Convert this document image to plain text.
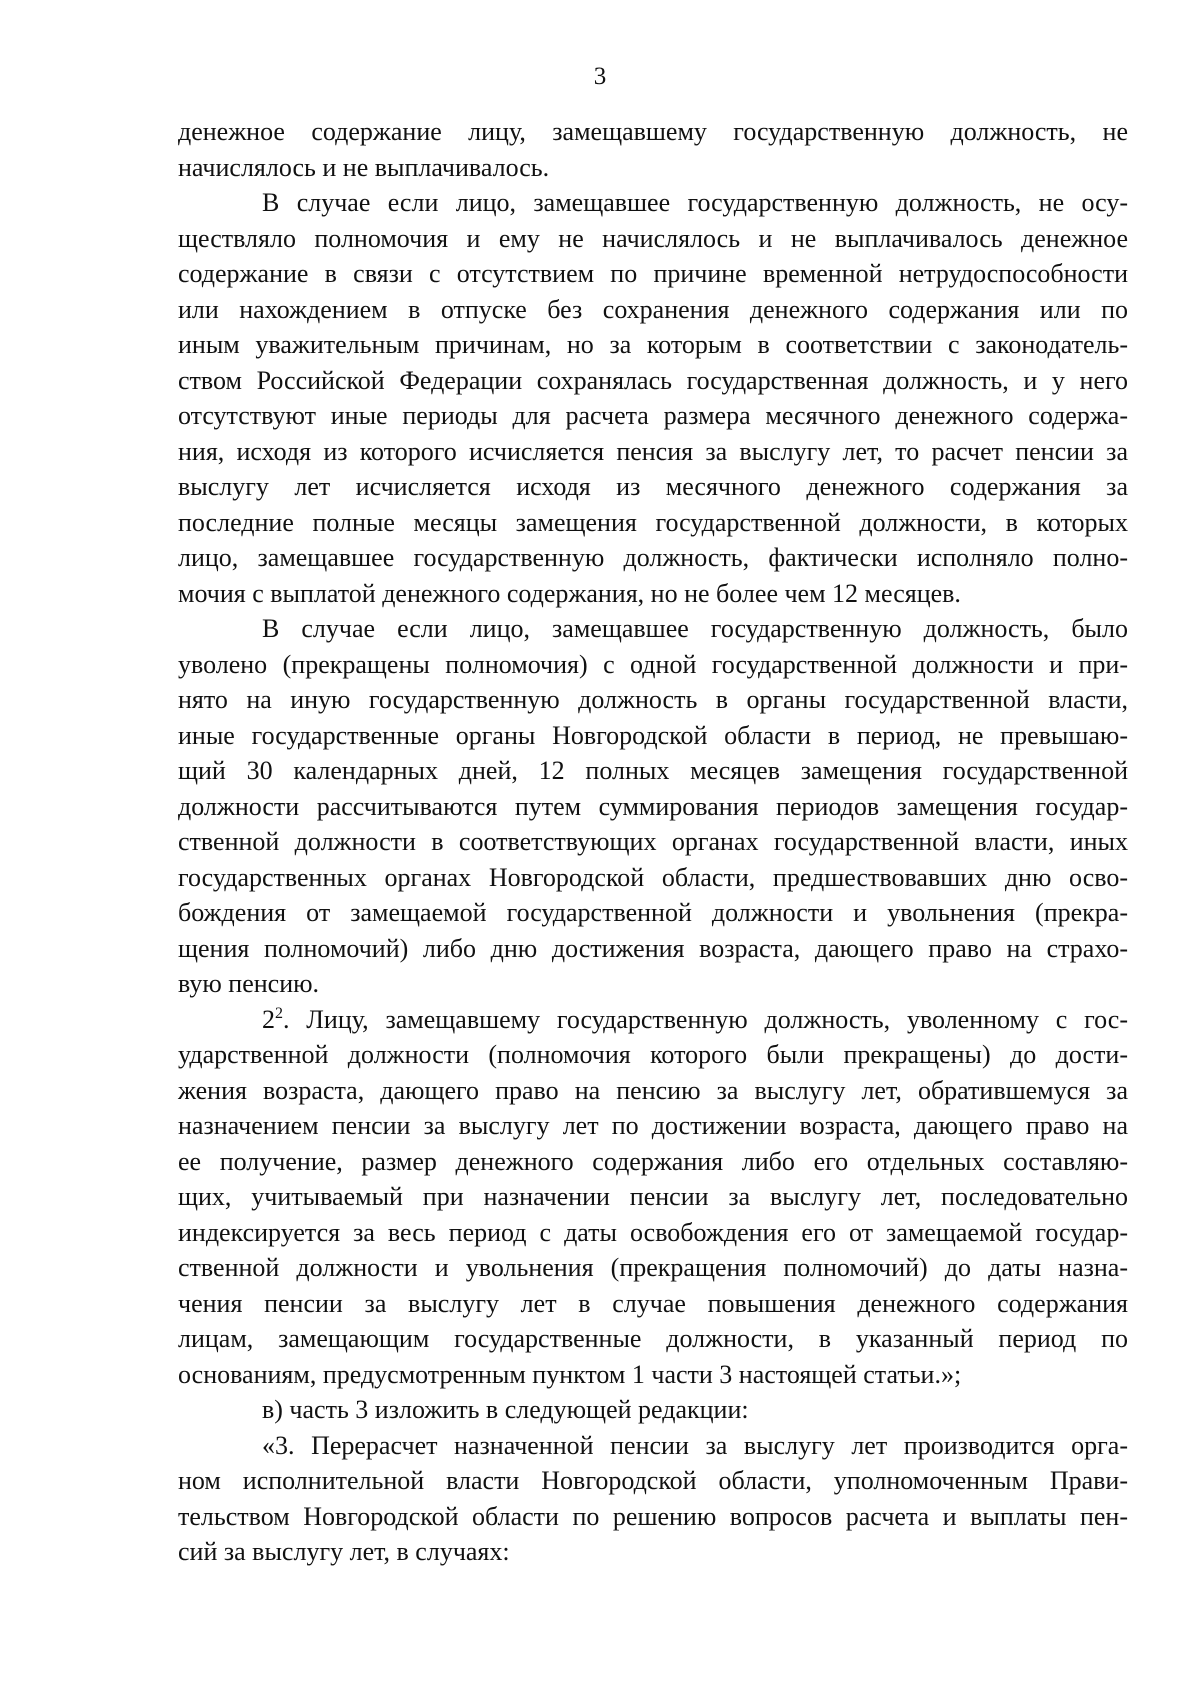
3

денежное содержание лицу, замещавшему государственную должность, не
начислялось и не выплачивалось.

В случае если лицо, замещавшее государственную должность, не осу-
ществляло полномочия и ему не начислялось и не выплачивалось денежное
содержание в связи с отсутствием по причине временной нетрудоспособности
или нахождением в отпуске без сохранения денежного содержания или по
иным уважительным причинам, но за которым в соответствии с законодатель-
ством Российской Федерации сохранялась государственная должность, и у него
отсутствуют иные периоды для расчета размера месячного денежного содержа-
ния, исходя из которого исчисляется пенсия за выслугу лет, то расчет пенсии за
выслугу лет исчисляется исходя из месячного денежного содержания за
последние полные месяцы замещения государственной должности, в которых
лицо, замещавшее государственную должность, фактически исполняло полно-
мочия с выплатой денежного содержания, но не более чем 12 месяцев.

В случае если лицо, замещавшее государственную должность, было
уволено (прекращены полномочия) с одной государственной должности и при-
нято на иную государственную должность в органы государственной власти,
иные государственные органы Новгородской области в период, не превышаю-
щий 30 календарных дней, 12 полных месяцев замещения государственной
должности рассчитываются путем суммирования периодов замещения государ-
ственной должности в соответствующих органах государственной власти, иных
государственных органах Новгородской области, предшествовавших дню осво-
бождения от замещаемой государственной должности и увольнения (прекра-
щения полномочий) либо дню достижения возраста, дающего право на страхо-
вую пенсию.

$2^2$. Лицу, замещавшему государственную должность, уволенному с гос-
ударственной должности (полномочия которого были прекращены) до дости-
жения возраста, дающего право на пенсию за выслугу лет, обратившемуся за
назначением пенсии за выслугу лет по достижении возраста, дающего право на
ее получение, размер денежного содержания либо его отдельных составляю-
щих, учитываемый при назначении пенсии за выслугу лет, последовательно
индексируется за весь период с даты освобождения его от замещаемой государ-
ственной должности и увольнения (прекращения полномочий) до даты назна-
чения пенсии за выслугу лет в случае повышения денежного содержания
лицам, замещающим государственные должности, в указанный период по
основаниям, предусмотренным пунктом 1 части 3 настоящей статьи.»;

в) часть 3 изложить в следующей редакции:

«3. Перерасчет назначенной пенсии за выслугу лет производится орга-
ном исполнительной власти Новгородской области, уполномоченным Прави-
тельством Новгородской области по решению вопросов расчета и выплаты пен-
сий за выслугу лет, в случаях:
